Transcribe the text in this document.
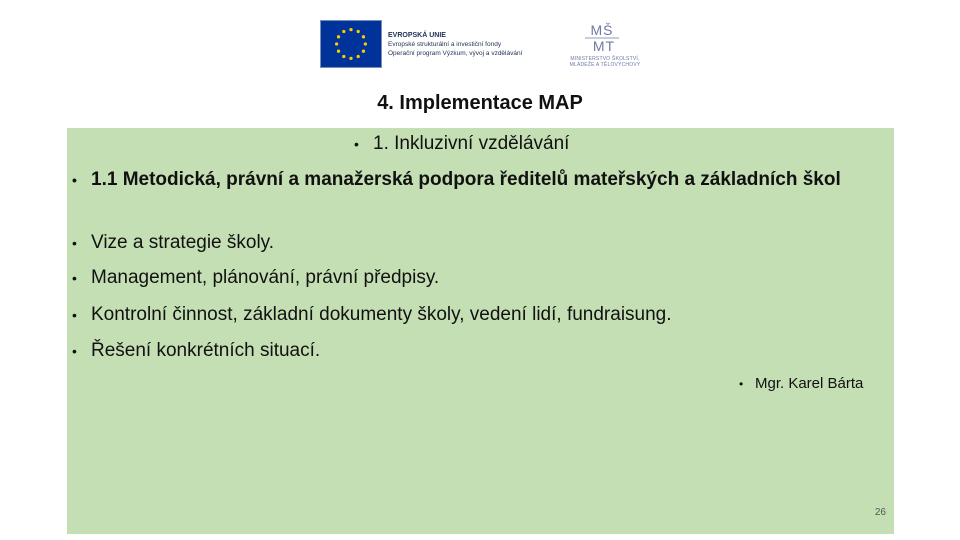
EVROPSKÁ UNIE
Evropské strukturální a investiční fondy
Operační program Výzkum, vývoj a vzdělávání
MŠ
MT
MINISTERSTVO ŠKOLSTVÍ,
MLÁDEŽE A TĚLOVÝCHOVY
4. Implementace MAP
• 1. Inkluzivní vzdělávání
• 1.1 Metodická, právní a manažerská podpora ředitelů mateřských a základních škol
• Vize a strategie školy.
• Management, plánování, právní předpisy.
• Kontrolní činnost, základní dokumenty školy, vedení lidí, fundraisung.
• Řešení konkrétních situací.
• Mgr. Karel Bárta
26
